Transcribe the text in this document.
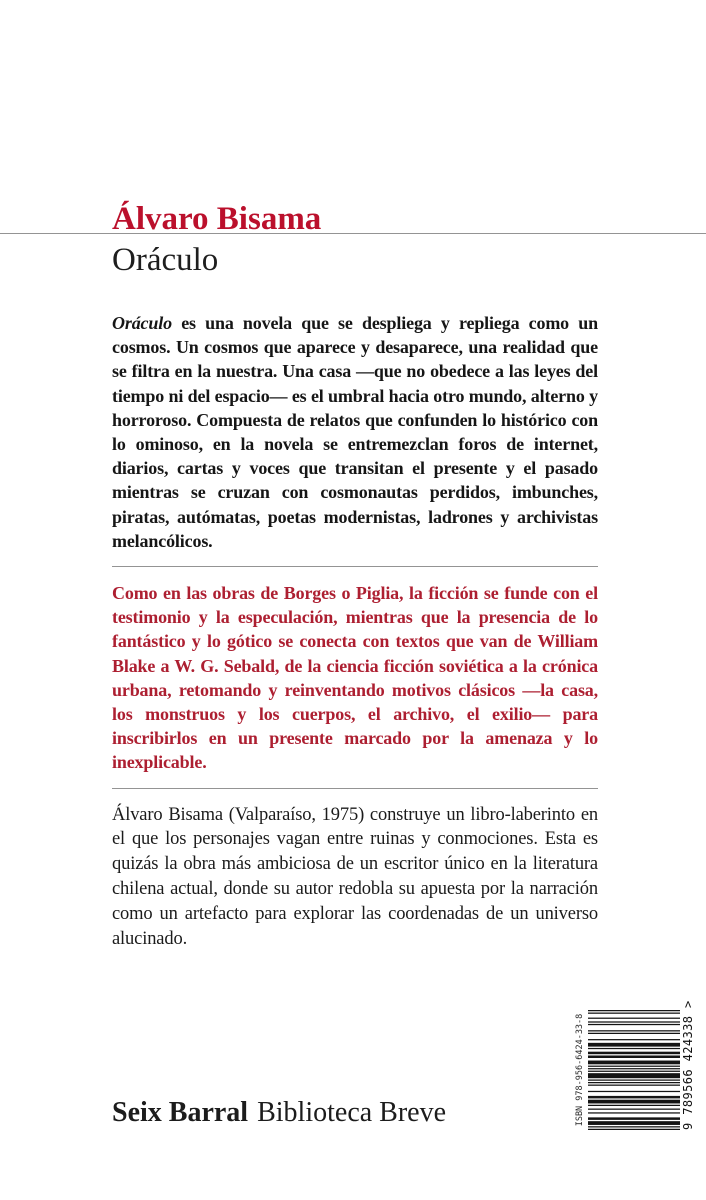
Álvaro Bisama
Oráculo

Oráculo es una novela que se despliega y repliega como un cosmos. Un cosmos que aparece y desaparece, una realidad que se filtra en la nuestra. Una casa —que no obedece a las leyes del tiempo ni del espacio— es el umbral hacia otro mundo, alterno y horroroso. Compuesta de relatos que confunden lo histórico con lo ominoso, en la novela se entremezclan foros de internet, diarios, cartas y voces que transitan el presente y el pasado mientras se cruzan con cosmonautas perdidos, imbunches, piratas, autómatas, poetas modernistas, ladrones y archivistas melancólicos.

Como en las obras de Borges o Piglia, la ficción se funde con el testimonio y la especulación, mientras que la presencia de lo fantástico y lo gótico se conecta con textos que van de William Blake a W. G. Sebald, de la ciencia ficción soviética a la crónica urbana, retomando y reinventando motivos clásicos —la casa, los monstruos y los cuerpos, el archivo, el exilio— para inscribirlos en un presente marcado por la amenaza y lo inexplicable.

Álvaro Bisama (Valparaíso, 1975) construye un libro-laberinto en el que los personajes vagan entre ruinas y conmociones. Esta es quizás la obra más ambiciosa de un escritor único en la literatura chilena actual, donde su autor redobla su apuesta por la narración como un artefacto para explorar las coordenadas de un universo alucinado.

Seix Barral Biblioteca Breve	ISBN 978-956-6424-33-8	9 789566 424338 >
